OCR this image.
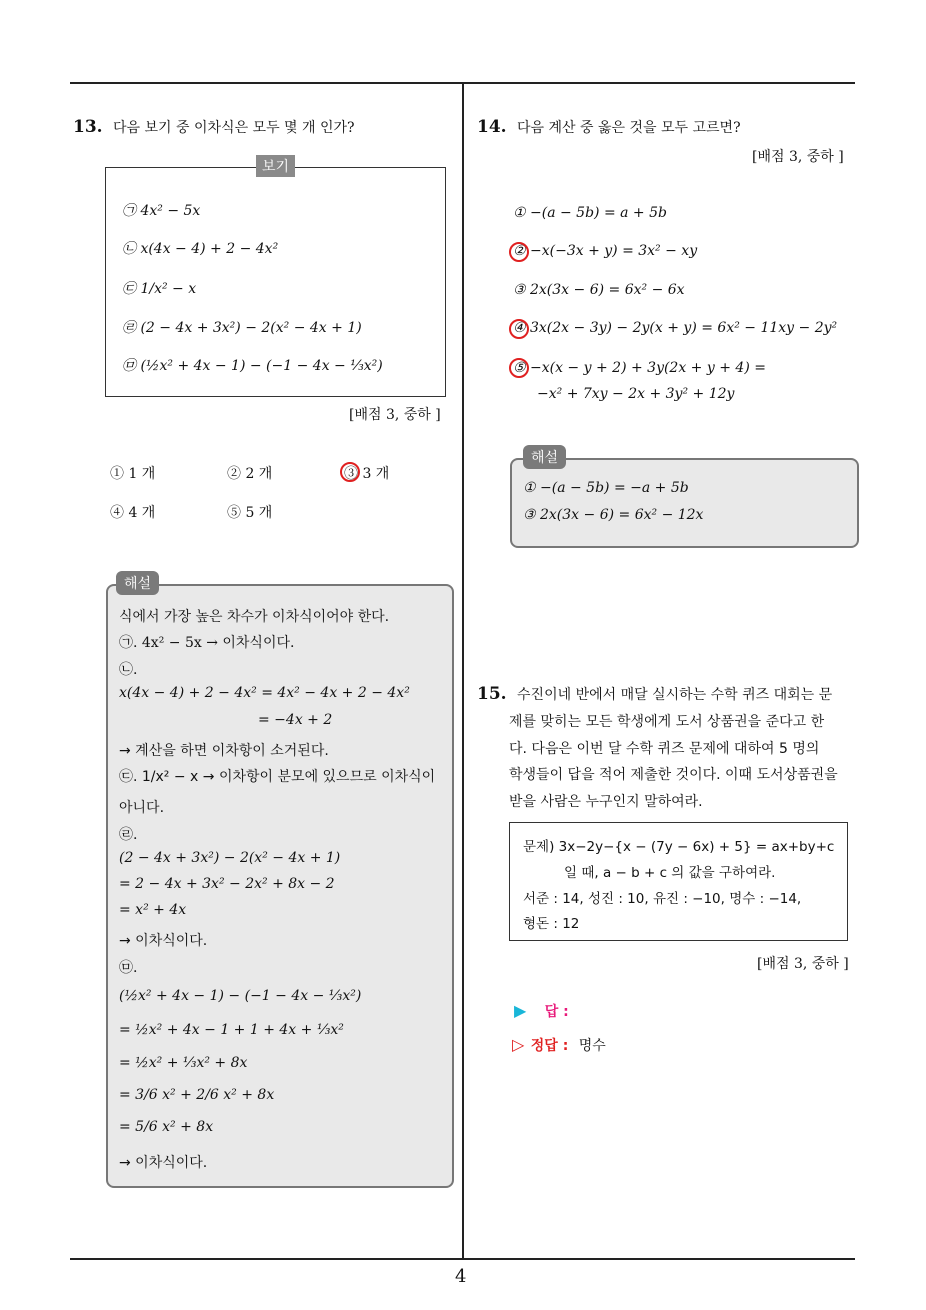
4
13. 다음 보기 중 이차식은 모두 몇 개 인가?
보기
㉠ 4x² − 5x
㉡ x(4x − 4) + 2 − 4x²
㉢ 1/x² − x
㉣ (2 − 4x + 3x²) − 2(x² − 4x + 1)
㉤ (½x² + 4x − 1) − (−1 − 4x − ⅓x²)
[배점 3, 중하 ]
① 1 개	② 2 개	③ 3 개
④ 4 개	⑤ 5 개
해설
식에서 가장 높은 차수가 이차식이어야 한다.
㉠. 4x² − 5x → 이차식이다.
㉡.
x(4x − 4) + 2 − 4x² = 4x² − 4x + 2 − 4x²
= −4x + 2
→ 계산을 하면 이차항이 소거된다.
㉢. 1/x² − x → 이차항이 분모에 있으므로 이차식이
아니다.
㉣.
(2 − 4x + 3x²) − 2(x² − 4x + 1)
= 2 − 4x + 3x² − 2x² + 8x − 2
= x² + 4x
→ 이차식이다.
㉤.
(½x² + 4x − 1) − (−1 − 4x − ⅓x²)
= ½x² + 4x − 1 + 1 + 4x + ⅓x²
= ½x² + ⅓x² + 8x
= 3/6 x² + 2/6 x² + 8x
= 5/6 x² + 8x
→ 이차식이다.
14. 다음 계산 중 옳은 것을 모두 고르면?
[배점 3, 중하 ]
① −(a − 5b) = a + 5b
② −x(−3x + y) = 3x² − xy
③ 2x(3x − 6) = 6x² − 6x
④ 3x(2x − 3y) − 2y(x + y) = 6x² − 11xy − 2y²
⑤ −x(x − y + 2) + 3y(2x + y + 4) =
−x² + 7xy − 2x + 3y² + 12y
해설
① −(a − 5b) = −a + 5b
③ 2x(3x − 6) = 6x² − 12x
15. 수진이네 반에서 매달 실시하는 수학 퀴즈 대회는 문
제를 맞히는 모든 학생에게 도서 상품권을 준다고 한
다. 다음은 이번 달 수학 퀴즈 문제에 대하여 5 명의
학생들이 답을 적어 제출한 것이다. 이때 도서상품권을
받을 사람은 누구인지 말하여라.
문제) 3x−2y−{x − (7y − 6x) + 5} = ax+by+c
일 때, a − b + c 의 값을 구하여라.
서준 : 14, 성진 : 10, 유진 : −10, 명수 : −14,
형돈 : 12
[배점 3, 중하 ]
▶ 답 :
▷ 정답 : 명수
